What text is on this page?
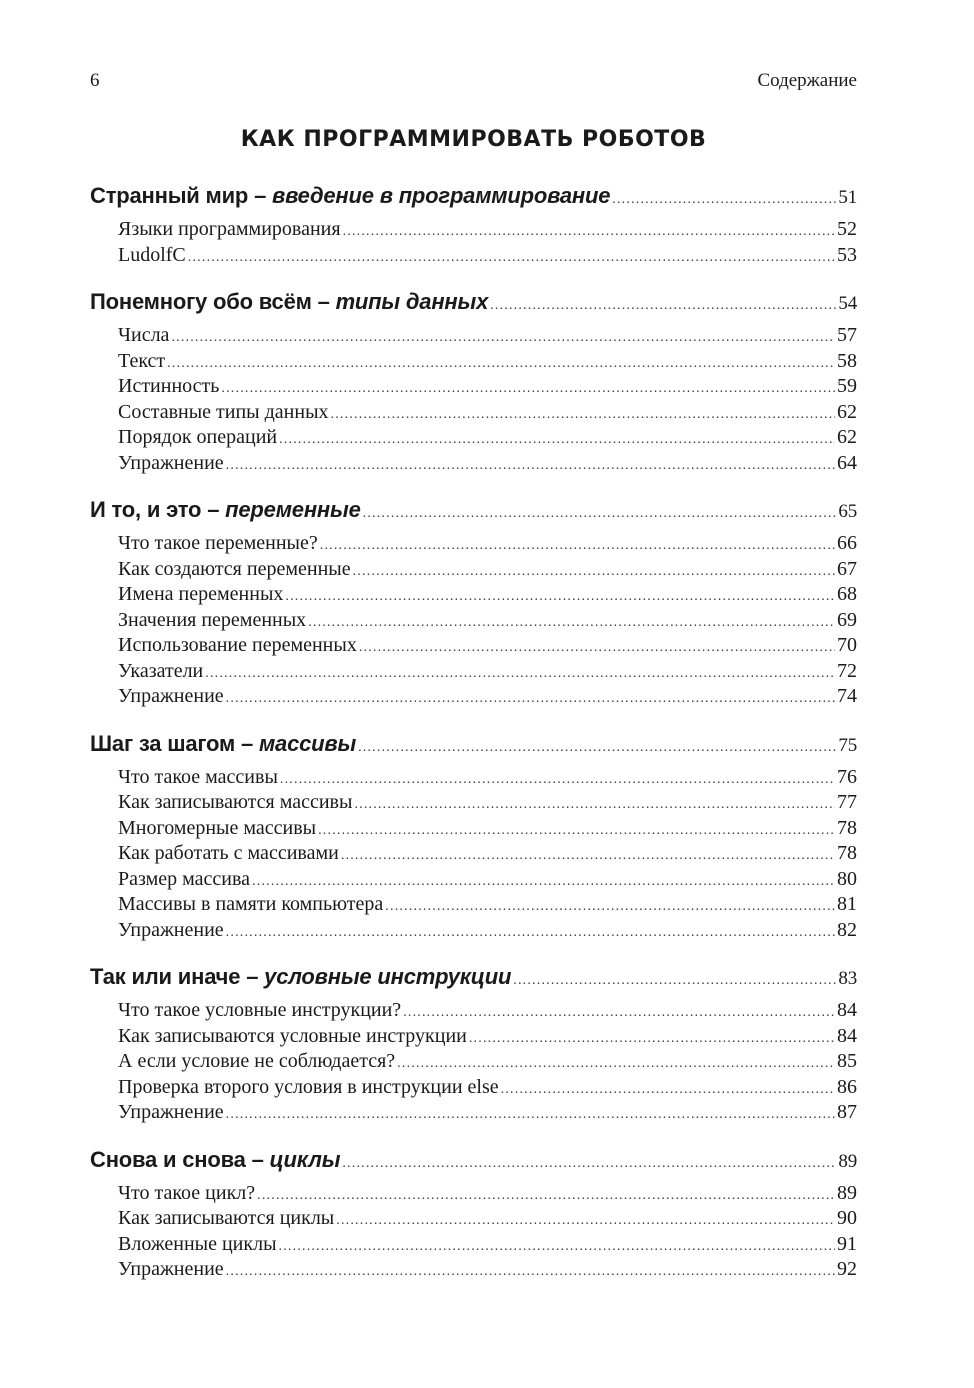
6	Содержание
КАК ПРОГРАММИРОВАТЬ РОБОТОВ
Странный мир – введение в программирование .....	51
Языки программирования .....	52
LudolfC .....	53
Понемногу обо всём – типы данных .....	54
Числа .....	57
Текст .....	58
Истинность .....	59
Составные типы данных .....	62
Порядок операций .....	62
Упражнение .....	64
И то, и это – переменные .....	65
Что такое переменные? .....	66
Как создаются переменные .....	67
Имена переменных .....	68
Значения переменных .....	69
Использование переменных .....	70
Указатели .....	72
Упражнение .....	74
Шаг за шагом – массивы .....	75
Что такое массивы .....	76
Как записываются массивы .....	77
Многомерные массивы .....	78
Как работать с массивами .....	78
Размер массива .....	80
Массивы в памяти компьютера .....	81
Упражнение .....	82
Так или иначе – условные инструкции .....	83
Что такое условные инструкции? .....	84
Как записываются условные инструкции .....	84
А если условие не соблюдается? .....	85
Проверка второго условия в инструкции else .....	86
Упражнение .....	87
Снова и снова – циклы .....	89
Что такое цикл? .....	89
Как записываются циклы .....	90
Вложенные циклы .....	91
Упражнение .....	92
